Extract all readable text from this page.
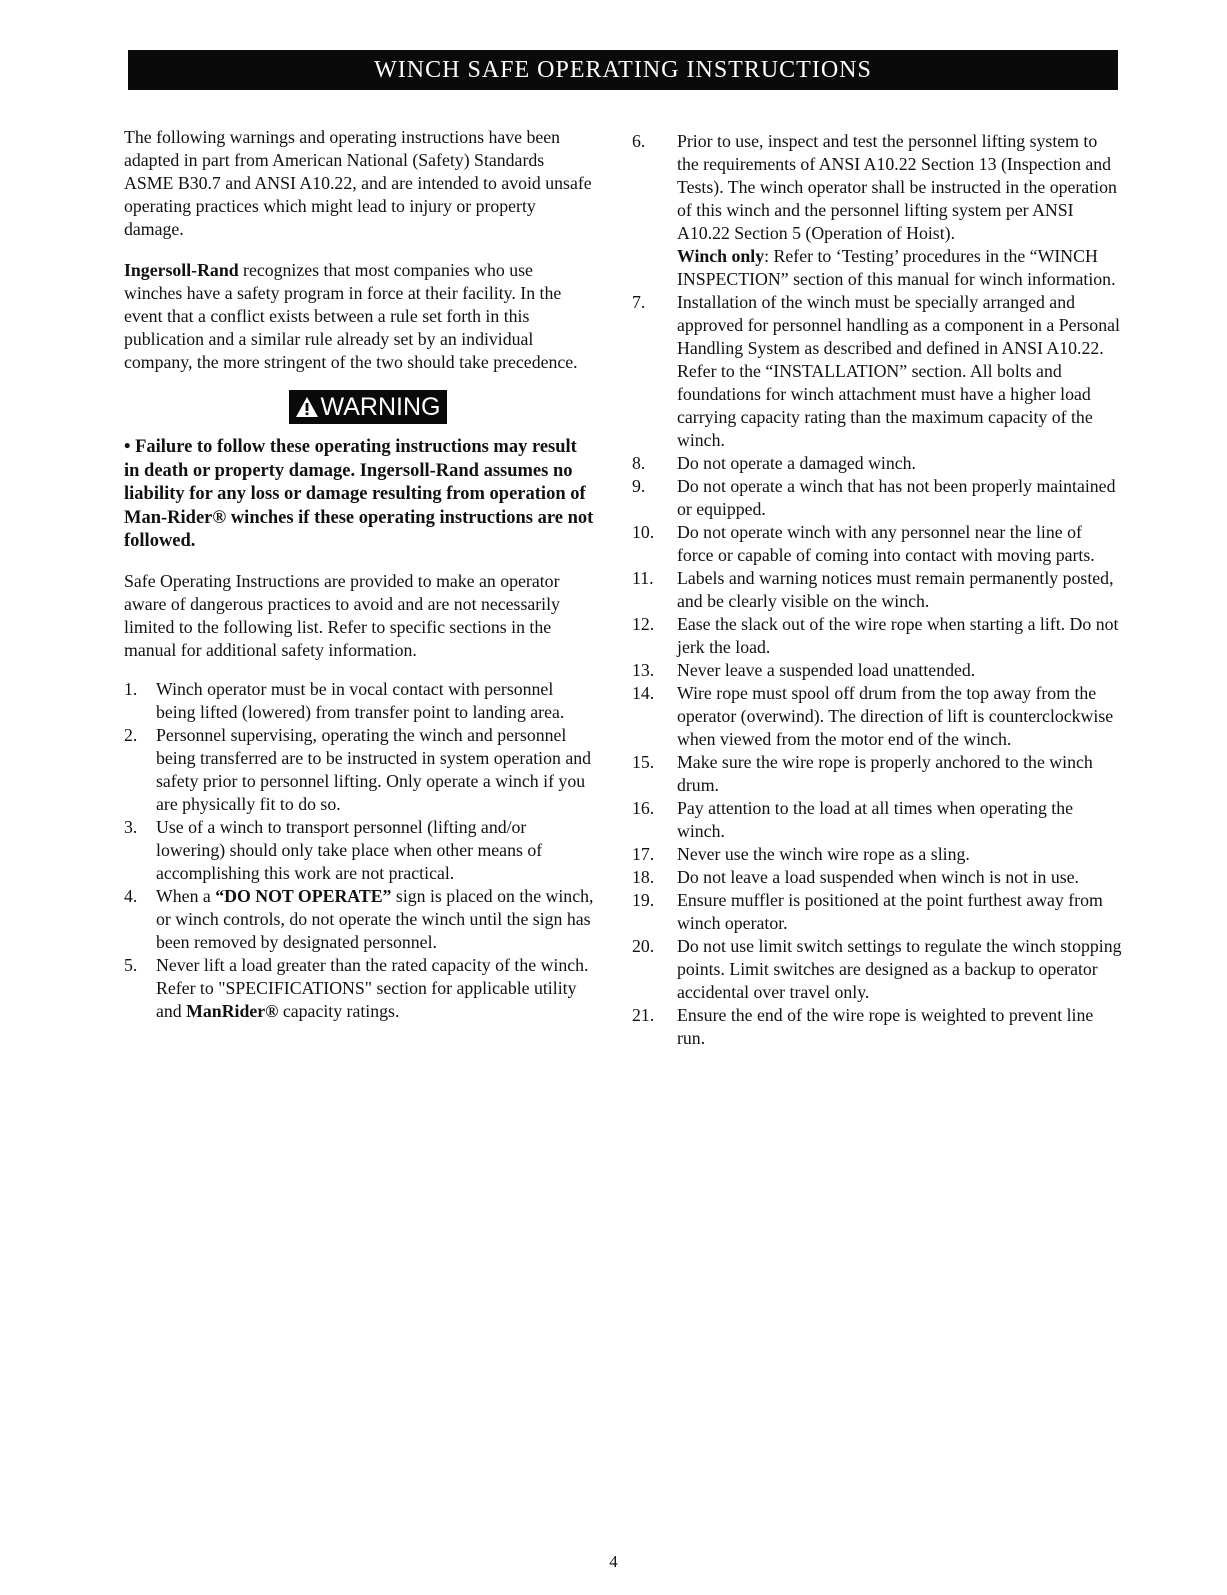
WINCH SAFE OPERATING INSTRUCTIONS

The following warnings and operating instructions have been adapted in part from American National (Safety) Standards ASME B30.7 and ANSI A10.22, and are intended to avoid unsafe operating practices which might lead to injury or property damage.

Ingersoll-Rand recognizes that most companies who use winches have a safety program in force at their facility. In the event that a conflict exists between a rule set forth in this publication and a similar rule already set by an individual company, the more stringent of the two should take precedence.

WARNING

• Failure to follow these operating instructions may result in death or property damage. Ingersoll-Rand assumes no liability for any loss or damage resulting from operation of Man-Rider® winches if these operating instructions are not followed.

Safe Operating Instructions are provided to make an operator aware of dangerous practices to avoid and are not necessarily limited to the following list. Refer to specific sections in the manual for additional safety information.

1. Winch operator must be in vocal contact with personnel being lifted (lowered) from transfer point to landing area.
2. Personnel supervising, operating the winch and personnel being transferred are to be instructed in system operation and safety prior to personnel lifting. Only operate a winch if you are physically fit to do so.
3. Use of a winch to transport personnel (lifting and/or lowering) should only take place when other means of accomplishing this work are not practical.
4. When a “DO NOT OPERATE” sign is placed on the winch, or winch controls, do not operate the winch until the sign has been removed by designated personnel.
5. Never lift a load greater than the rated capacity of the winch. Refer to "SPECIFICATIONS" section for applicable utility and ManRider® capacity ratings.
6. Prior to use, inspect and test the personnel lifting system to the requirements of ANSI A10.22 Section 13 (Inspection and Tests). The winch operator shall be instructed in the operation of this winch and the personnel lifting system per ANSI A10.22 Section 5 (Operation of Hoist).
Winch only: Refer to ‘Testing’ procedures in the “WINCH INSPECTION” section of this manual for winch information.
7. Installation of the winch must be specially arranged and approved for personnel handling as a component in a Personal Handling System as described and defined in ANSI A10.22. Refer to the “INSTALLATION” section. All bolts and foundations for winch attachment must have a higher load carrying capacity rating than the maximum capacity of the winch.
8. Do not operate a damaged winch.
9. Do not operate a winch that has not been properly maintained or equipped.
10. Do not operate winch with any personnel near the line of force or capable of coming into contact with moving parts.
11. Labels and warning notices must remain permanently posted, and be clearly visible on the winch.
12. Ease the slack out of the wire rope when starting a lift. Do not jerk the load.
13. Never leave a suspended load unattended.
14. Wire rope must spool off drum from the top away from the operator (overwind). The direction of lift is counterclockwise when viewed from the motor end of the winch.
15. Make sure the wire rope is properly anchored to the winch drum.
16. Pay attention to the load at all times when operating the winch.
17. Never use the winch wire rope as a sling.
18. Do not leave a load suspended when winch is not in use.
19. Ensure muffler is positioned at the point furthest away from winch operator.
20. Do not use limit switch settings to regulate the winch stopping points. Limit switches are designed as a backup to operator accidental over travel only.
21. Ensure the end of the wire rope is weighted to prevent line run.
4
